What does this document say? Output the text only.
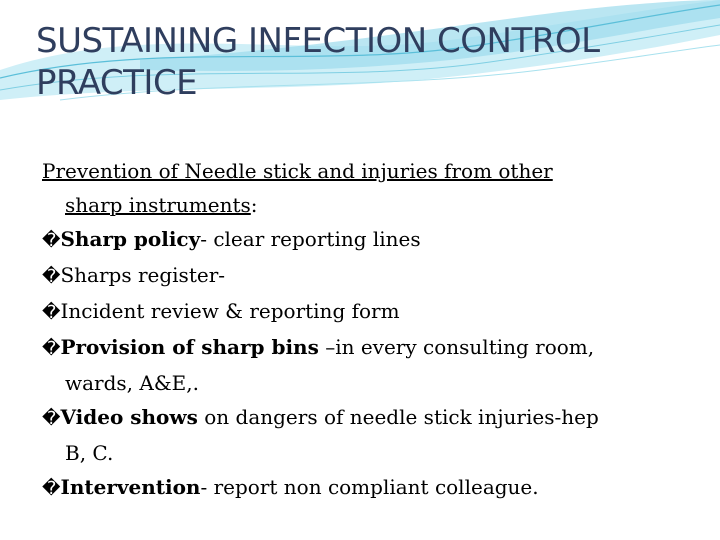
SUSTAINING INFECTION CONTROL
PRACTICE
Prevention of Needle stick and injuries from other
sharp instruments:
�Sharp policy- clear reporting lines
�Sharps register-
�Incident review & reporting form
�Provision of sharp bins –in every consulting room,
wards, A&E,.
�Video shows on dangers of needle stick injuries-hep
B, C.
�Intervention- report non compliant colleague.
